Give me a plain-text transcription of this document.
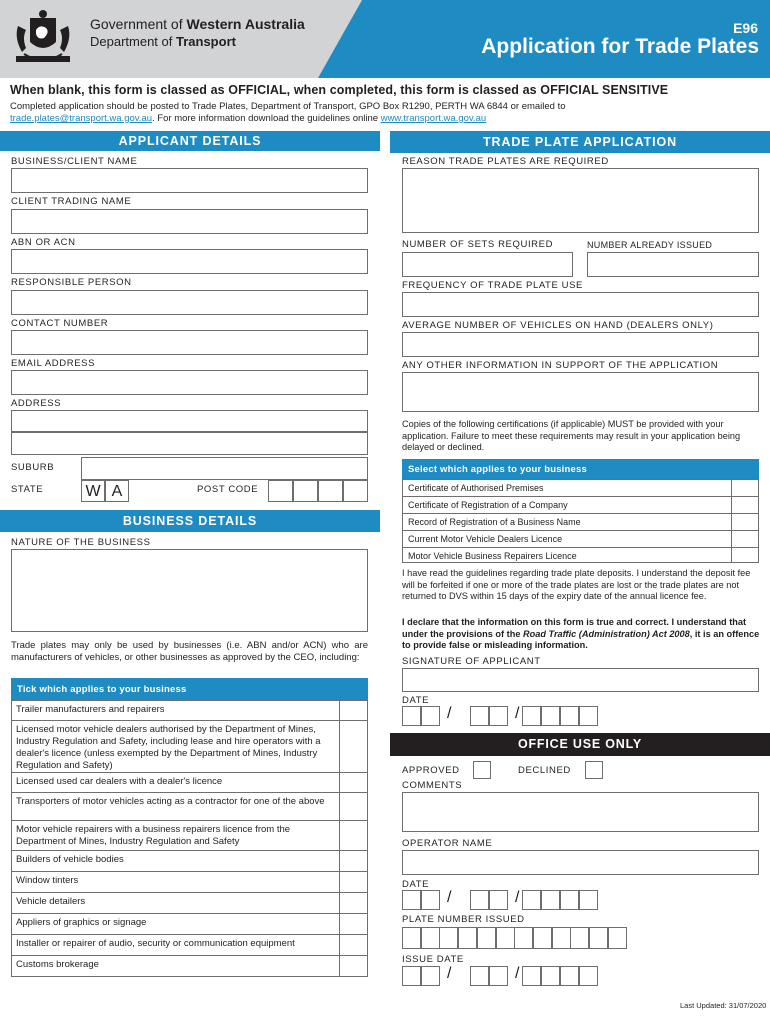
Government of Western Australia
Department of Transport
E96
Application for Trade Plates
When blank, this form is classed as OFFICIAL, when completed, this form is classed as OFFICIAL SENSITIVE
Completed application should be posted to Trade Plates, Department of Transport, GPO Box R1290, PERTH WA 6844 or emailed to
trade.plates@transport.wa.gov.au. For more information download the guidelines online www.transport.wa.gov.au
APPLICANT DETAILS
BUSINESS/CLIENT NAME
CLIENT TRADING NAME
ABN OR ACN
RESPONSIBLE PERSON
CONTACT NUMBER
EMAIL ADDRESS
ADDRESS
SUBURB
STATE	W A	POST CODE
BUSINESS DETAILS
NATURE OF THE BUSINESS
Trade plates may only be used by businesses (i.e. ABN and/or ACN) who are manufacturers of vehicles, or other businesses as approved by the CEO, including:
Tick which applies to your business
Trailer manufacturers and repairers
Licensed motor vehicle dealers authorised by the Department of Mines, Industry Regulation and Safety, including lease and hire operators with a dealer's licence (unless exempted by the Department of Mines, Industry Regulation and Safety)
Licensed used car dealers with a dealer's licence
Transporters of motor vehicles acting as a contractor for one of the above
Motor vehicle repairers with a business repairers licence from the Department of Mines, Industry Regulation and Safety
Builders of vehicle bodies
Window tinters
Vehicle detailers
Appliers of graphics or signage
Installer or repairer of audio, security or communication equipment
Customs brokerage
TRADE PLATE APPLICATION
REASON TRADE PLATES ARE REQUIRED
NUMBER OF SETS REQUIRED	NUMBER ALREADY ISSUED
FREQUENCY OF TRADE PLATE USE
AVERAGE NUMBER OF VEHICLES ON HAND (DEALERS ONLY)
ANY OTHER INFORMATION IN SUPPORT OF THE APPLICATION
Copies of the following certifications (if applicable) MUST be provided with your application. Failure to meet these requirements may result in your application being delayed or declined.
Select which applies to your business
Certificate of Authorised Premises
Certificate of Registration of a Company
Record of Registration of a Business Name
Current Motor Vehicle Dealers Licence
Motor Vehicle Business Repairers Licence
I have read the guidelines regarding trade plate deposits. I understand the deposit fee will be forfeited if one or more of the trade plates are lost or the trade plates are not returned to DVS within 15 days of the expiry date of the annual licence fee.
I declare that the information on this form is true and correct. I understand that under the provisions of the Road Traffic (Administration) Act 2008, it is an offence to provide false or misleading information.
SIGNATURE OF APPLICANT
DATE
/	/
OFFICE USE ONLY
APPROVED	DECLINED
COMMENTS
OPERATOR NAME
DATE
/	/
PLATE NUMBER ISSUED
ISSUE DATE
/	/
Last Updated: 31/07/2020
